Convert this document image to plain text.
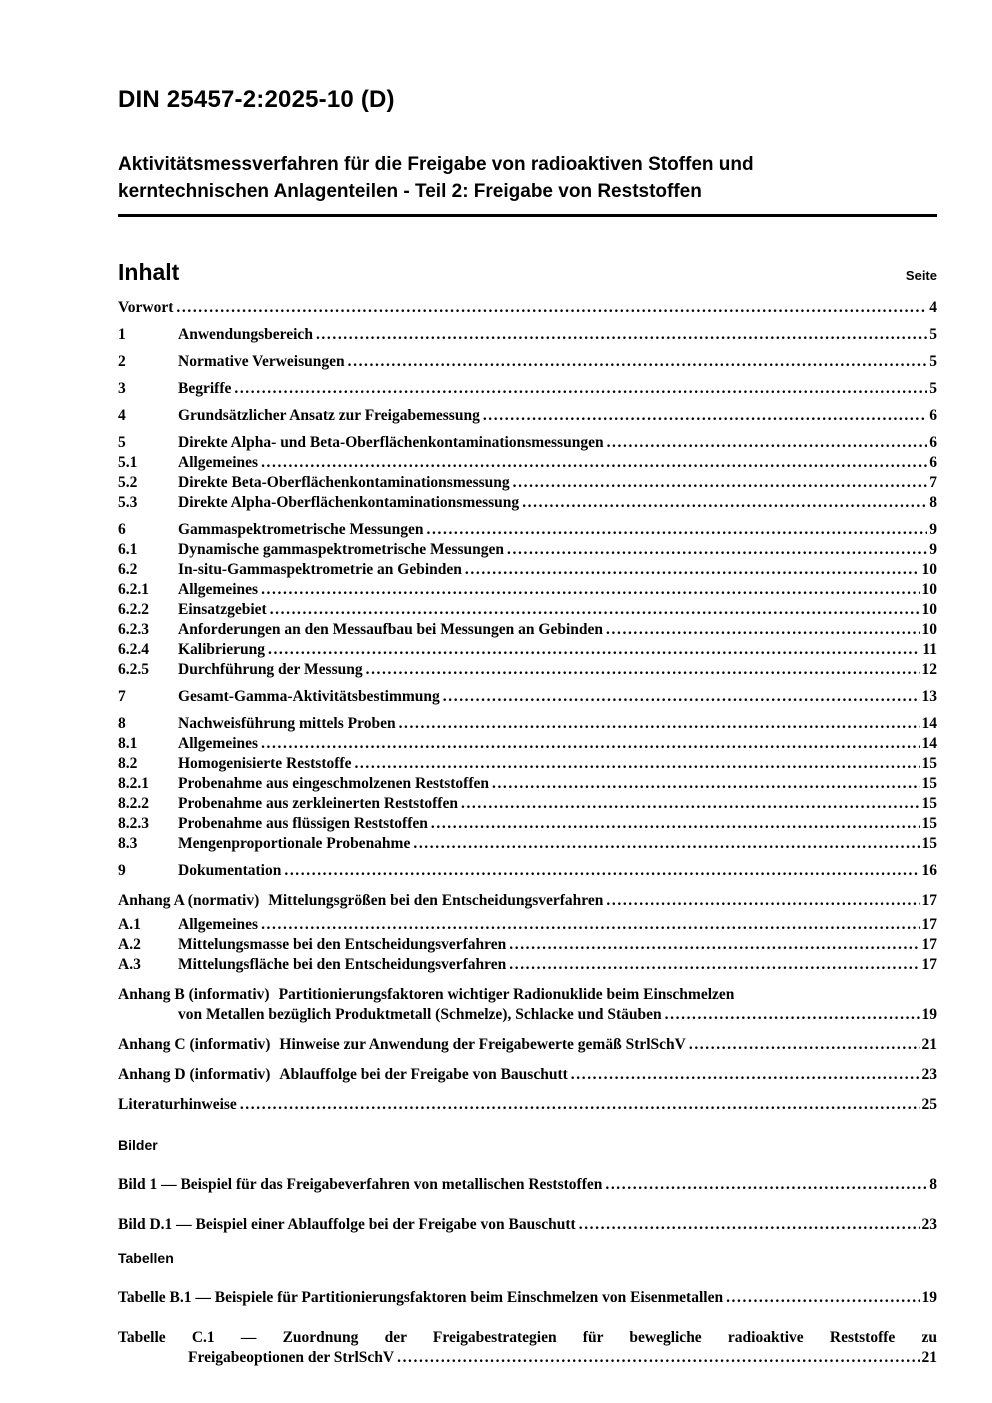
DIN 25457-2:2025-10 (D)
Aktivitätsmessverfahren für die Freigabe von radioaktiven Stoffen und
kerntechnischen Anlagenteilen - Teil 2: Freigabe von Reststoffen
Inhalt	Seite
Vorwort .....	4
1	Anwendungsbereich .....	5
2	Normative Verweisungen .....	5
3	Begriffe .....	5
4	Grundsätzlicher Ansatz zur Freigabemessung .....	6
5	Direkte Alpha- und Beta-Oberflächenkontaminationsmessungen .....	6
5.1	Allgemeines .....	6
5.2	Direkte Beta-Oberflächenkontaminationsmessung .....	7
5.3	Direkte Alpha-Oberflächenkontaminationsmessung .....	8
6	Gammaspektrometrische Messungen .....	9
6.1	Dynamische gammaspektrometrische Messungen .....	9
6.2	In-situ-Gammaspektrometrie an Gebinden .....	10
6.2.1	Allgemeines .....	10
6.2.2	Einsatzgebiet .....	10
6.2.3	Anforderungen an den Messaufbau bei Messungen an Gebinden .....	10
6.2.4	Kalibrierung .....	11
6.2.5	Durchführung der Messung .....	12
7	Gesamt-Gamma-Aktivitätsbestimmung .....	13
8	Nachweisführung mittels Proben .....	14
8.1	Allgemeines .....	14
8.2	Homogenisierte Reststoffe .....	15
8.2.1	Probenahme aus eingeschmolzenen Reststoffen .....	15
8.2.2	Probenahme aus zerkleinerten Reststoffen .....	15
8.2.3	Probenahme aus flüssigen Reststoffen .....	15
8.3	Mengenproportionale Probenahme .....	15
9	Dokumentation .....	16
Anhang A (normativ) Mittelungsgrößen bei den Entscheidungsverfahren .....	17
A.1	Allgemeines .....	17
A.2	Mittelungsmasse bei den Entscheidungsverfahren .....	17
A.3	Mittelungsfläche bei den Entscheidungsverfahren .....	17
Anhang B (informativ) Partitionierungsfaktoren wichtiger Radionuklide beim Einschmelzen
von Metallen bezüglich Produktmetall (Schmelze), Schlacke und Stäuben .....	19
Anhang C (informativ) Hinweise zur Anwendung der Freigabewerte gemäß StrlSchV .....	21
Anhang D (informativ) Ablauffolge bei der Freigabe von Bauschutt .....	23
Literaturhinweise .....	25
Bilder
Bild 1 — Beispiel für das Freigabeverfahren von metallischen Reststoffen .....	8
Bild D.1 — Beispiel einer Ablauffolge bei der Freigabe von Bauschutt .....	23
Tabellen
Tabelle B.1 — Beispiele für Partitionierungsfaktoren beim Einschmelzen von Eisenmetallen .....	19
Tabelle C.1 — Zuordnung der Freigabestrategien für bewegliche radioaktive Reststoffe zu
Freigabeoptionen der StrlSchV .....	21
